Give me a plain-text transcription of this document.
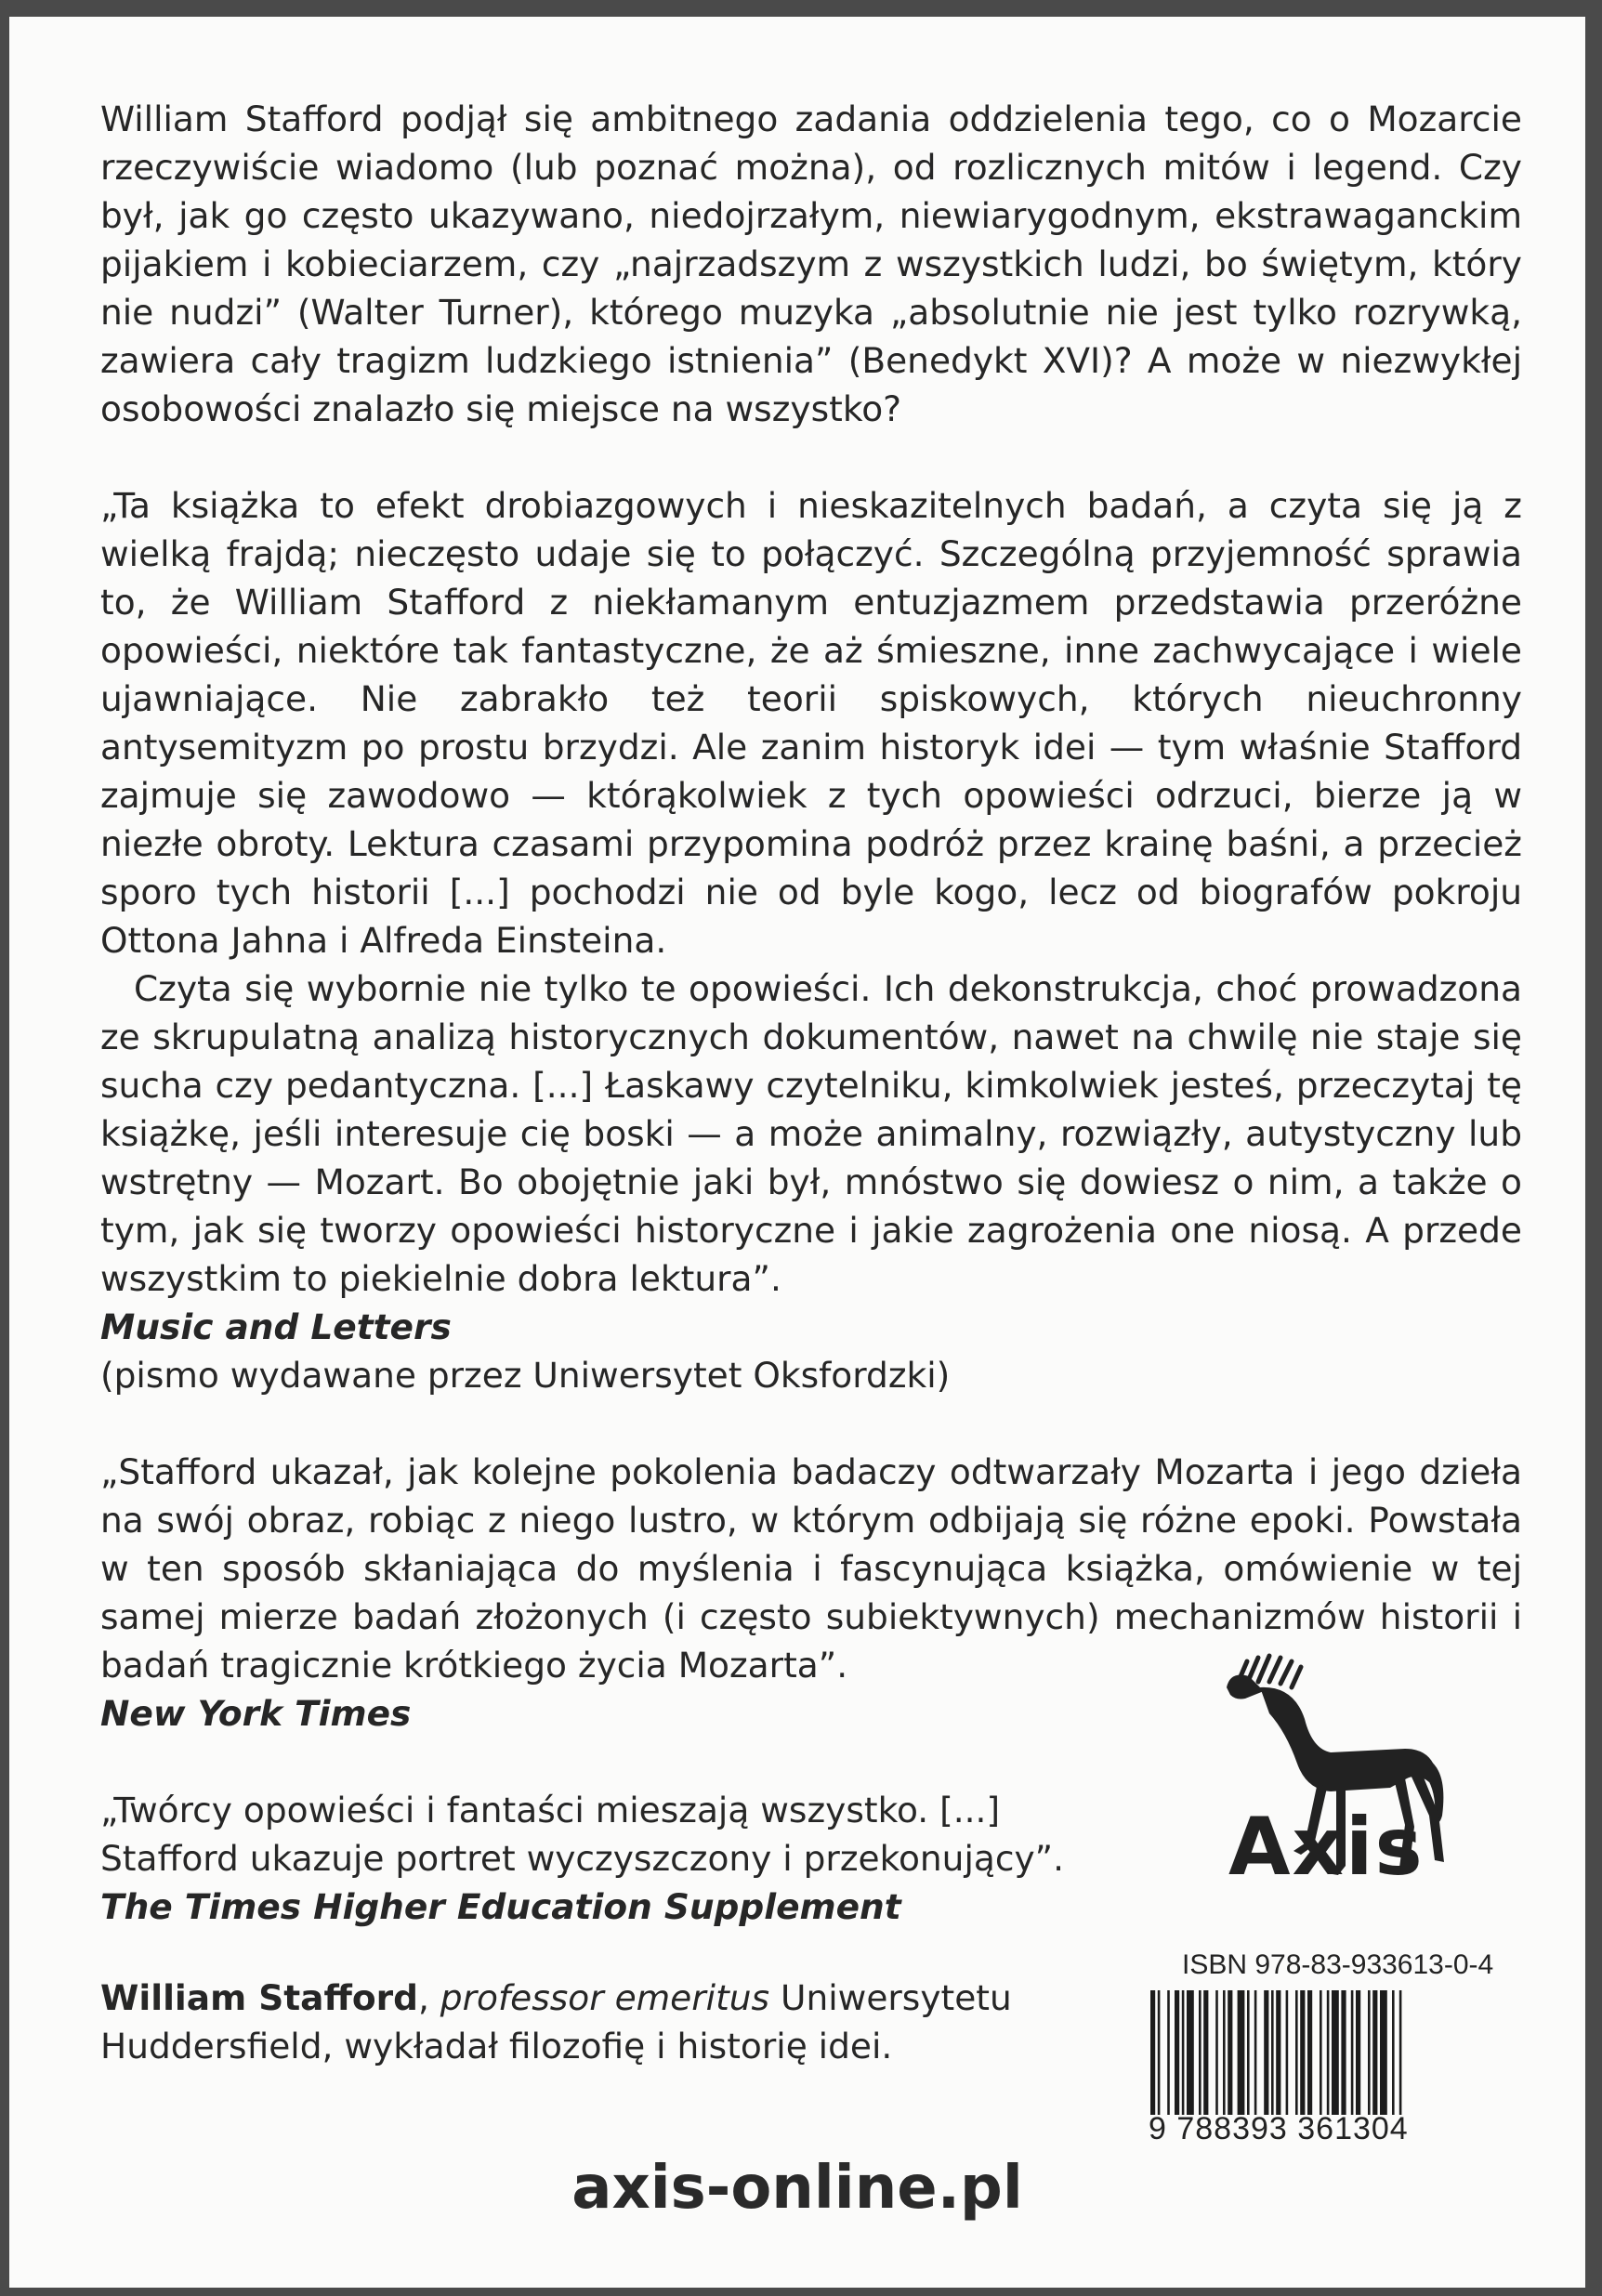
William Stafford podjął się ambitnego zadania oddzielenia tego, co o Mozarcie rzeczywiście wiadomo (lub poznać można), od rozlicznych mitów i legend. Czy był, jak go często ukazywano, niedojrzałym, niewiarygodnym, ekstrawaganckim pijakiem i kobieciarzem, czy „najrzadszym z wszystkich ludzi, bo świętym, który nie nudzi” (Walter Turner), którego muzyka „absolutnie nie jest tylko rozrywką, zawiera cały tragizm ludzkiego istnienia” (Benedykt XVI)? A może w niezwykłej osobowości znalazło się miejsce na wszystko?

„Ta książka to efekt drobiazgowych i nieskazitelnych badań, a czyta się ją z wielką frajdą; nieczęsto udaje się to połączyć. Szczególną przyjemność sprawia to, że William Stafford z niekłamanym entuzjazmem przedstawia przeróżne opowieści, niektóre tak fantastyczne, że aż śmieszne, inne zachwycające i wiele ujawniające. Nie zabrakło też teorii spiskowych, których nieuchronny antysemityzm po prostu brzydzi. Ale zanim historyk idei — tym właśnie Stafford zajmuje się zawodowo — którąkolwiek z tych opowieści odrzuci, bierze ją w niezłe obroty. Lektura czasami przypomina podróż przez krainę baśni, a przecież sporo tych historii [...] pochodzi nie od byle kogo, lecz od biografów pokroju Ottona Jahna i Alfreda Einsteina.

Czyta się wybornie nie tylko te opowieści. Ich dekonstrukcja, choć prowadzona ze skrupulatną analizą historycznych dokumentów, nawet na chwilę nie staje się sucha czy pedantyczna. [...] Łaskawy czytelniku, kimkolwiek jesteś, przeczytaj tę książkę, jeśli interesuje cię boski — a może animalny, rozwiązły, autystyczny lub wstrętny — Mozart. Bo obojętnie jaki był, mnóstwo się dowiesz o nim, a także o tym, jak się tworzy opowieści historyczne i jakie zagrożenia one niosą. A przede wszystkim to piekielnie dobra lektura”.

Music and Letters

(pismo wydawane przez Uniwersytet Oksfordzki)

„Stafford ukazał, jak kolejne pokolenia badaczy odtwarzały Mozarta i jego dzieła na swój obraz, robiąc z niego lustro, w którym odbijają się różne epoki. Powstała w ten sposób skłaniająca do myślenia i fascynująca książka, omówienie w tej samej mierze badań złożonych (i często subiektywnych) mechanizmów historii i badań tragicznie krótkiego życia Mozarta”.

New York Times

„Twórcy opowieści i fantaści mieszają wszystko. [...]

Stafford ukazuje portret wyczyszczony i przekonujący”.

The Times Higher Education Supplement

Axis

William Stafford, professor emeritus Uniwersytetu

Huddersfield, wykładał filozofię i historię idei.

ISBN 978-83-933613-0-4
9 788393 361304
axis-online.pl
